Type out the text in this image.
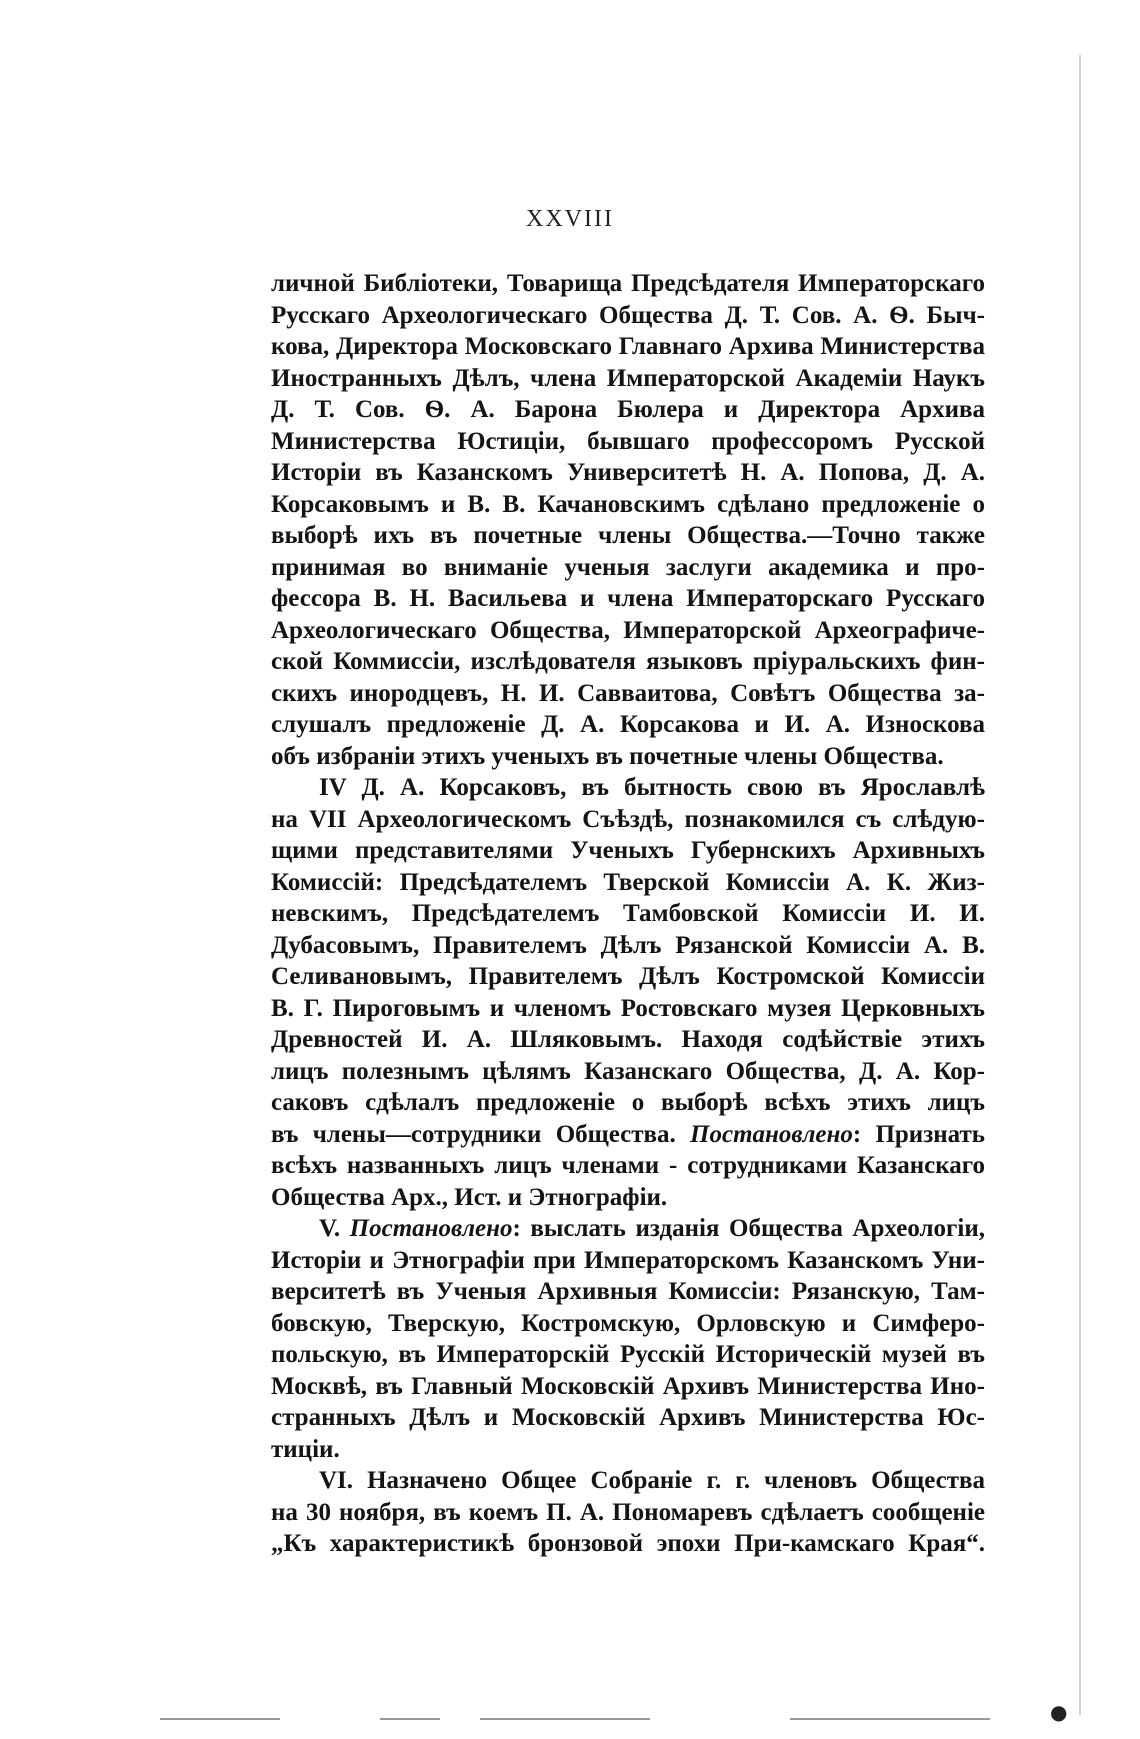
XXVIII
личной Библіотеки, Товарища Предсѣдателя Императорскаго
Русскаго Археологическаго Общества Д. Т. Сов. А. Ѳ. Быч-
кова, Директора Московскаго Главнаго Архива Министерства
Иностранныхъ Дѣлъ, члена Императорской Академіи Наукъ
Д. Т. Сов. Ѳ. А. Барона Бюлера и Директора Архива
Министерства Юстиціи, бывшаго профессоромъ Русской
Исторіи въ Казанскомъ Университетѣ Н. А. Попова, Д. А.
Корсаковымъ и В. В. Качановскимъ сдѣлано предложеніе о
выборѣ ихъ въ почетные члены Общества.—Точно также
принимая во вниманіе ученыя заслуги академика и про-
фессора В. Н. Васильева и члена Императорскаго Русскаго
Археологическаго Общества, Императорской Археографиче-
ской Коммиссіи, изслѣдователя языковъ пріуральскихъ фин-
скихъ инородцевъ, Н. И. Савваитова, Совѣтъ Общества за-
слушалъ предложеніе Д. А. Корсакова и И. А. Износкова
объ избраніи этихъ ученыхъ въ почетные члены Общества.
IV Д. А. Корсаковъ, въ бытность свою въ Ярославлѣ
на VII Археологическомъ Съѣздѣ, познакомился съ слѣдую-
щими представителями Ученыхъ Губернскихъ Архивныхъ
Комиссій: Предсѣдателемъ Тверской Комиссіи А. К. Жиз-
невскимъ, Предсѣдателемъ Тамбовской Комиссіи И. И.
Дубасовымъ, Правителемъ Дѣлъ Рязанской Комиссіи А. В.
Селивановымъ, Правителемъ Дѣлъ Костромской Комиссіи
В. Г. Пироговымъ и членомъ Ростовскаго музея Церковныхъ
Древностей И. А. Шляковымъ. Находя содѣйствіе этихъ
лицъ полезнымъ цѣлямъ Казанскаго Общества, Д. А. Кор-
саковъ сдѣлалъ предложеніе о выборѣ всѣхъ этихъ лицъ
въ члены—сотрудники Общества. Постановлено: Признать
всѣхъ названныхъ лицъ членами - сотрудниками Казанскаго
Общества Арх., Ист. и Этнографіи.
V. Постановлено: выслать изданія Общества Археологіи,
Исторіи и Этнографіи при Императорскомъ Казанскомъ Уни-
верситетѣ въ Ученыя Архивныя Комиссіи: Рязанскую, Там-
бовскую, Тверскую, Костромскую, Орловскую и Симферо-
польскую, въ Императорскій Русскій Историческій музей въ
Москвѣ, въ Главный Московскій Архивъ Министерства Ино-
странныхъ Дѣлъ и Московскій Архивъ Министерства Юс-
тиціи.
VI. Назначено Общее Собраніе г. г. членовъ Общества
на 30 ноября, въ коемъ П. А. Пономаревъ сдѣлаетъ сообщеніе
„Къ характеристикѣ бронзовой эпохи При-камскаго Края“.
●
